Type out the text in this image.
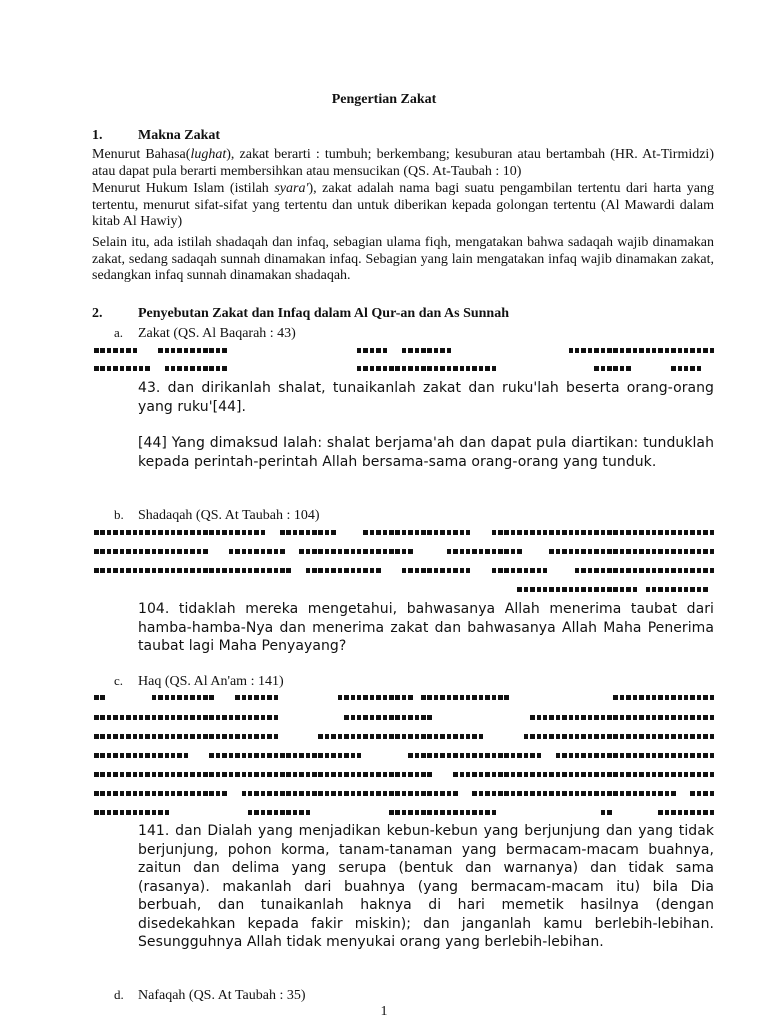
Pengertian Zakat
1.	Makna Zakat

Menurut Bahasa(lughat), zakat berarti : tumbuh; berkembang; kesuburan atau bertambah (HR. At-Tirmidzi) atau dapat pula berarti membersihkan atau mensucikan (QS. At-Taubah : 10)

Menurut Hukum Islam (istilah syara'), zakat adalah nama bagi suatu pengambilan tertentu dari harta yang tertentu, menurut sifat-sifat yang tertentu dan untuk diberikan kepada golongan tertentu (Al Mawardi dalam kitab Al Hawiy)

Selain itu, ada istilah shadaqah dan infaq, sebagian ulama fiqh, mengatakan bahwa sadaqah wajib dinamakan zakat, sedang sadaqah sunnah dinamakan infaq. Sebagian yang lain mengatakan infaq wajib dinamakan zakat, sedangkan infaq sunnah dinamakan shadaqah.

2.	Penyebutan Zakat dan Infaq dalam Al Qur-an dan As Sunnah
a. Zakat (QS. Al Baqarah : 43)

43. dan dirikanlah shalat, tunaikanlah zakat dan ruku'lah beserta orang-orang yang ruku'[44].

[44] Yang dimaksud Ialah: shalat berjama'ah dan dapat pula diartikan: tunduklah kepada perintah-perintah Allah bersama-sama orang-orang yang tunduk.

b. Shadaqah (QS. At Taubah : 104)

104. tidaklah mereka mengetahui, bahwasanya Allah menerima taubat dari hamba-hamba-Nya dan menerima zakat dan bahwasanya Allah Maha Penerima taubat lagi Maha Penyayang?

c. Haq (QS. Al An'am : 141)

141. dan Dialah yang menjadikan kebun-kebun yang berjunjung dan yang tidak berjunjung, pohon korma, tanam-tanaman yang bermacam-macam buahnya, zaitun dan delima yang serupa (bentuk dan warnanya) dan tidak sama (rasanya). makanlah dari buahnya (yang bermacam-macam itu) bila Dia berbuah, dan tunaikanlah haknya di hari memetik hasilnya (dengan disedekahkan kepada fakir miskin); dan janganlah kamu berlebih-lebihan. Sesungguhnya Allah tidak menyukai orang yang berlebih-lebihan.

d. Nafaqah (QS. At Taubah : 35)
1
